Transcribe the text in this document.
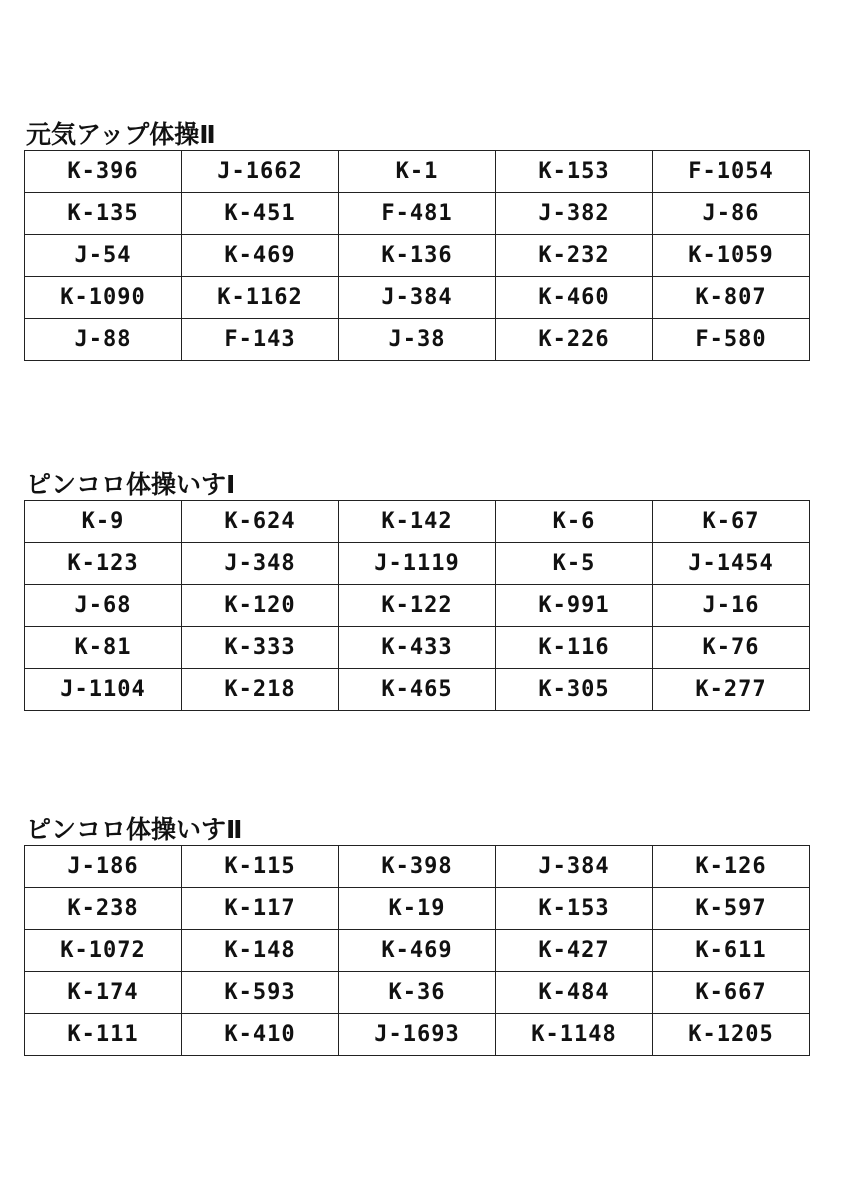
元気アップ体操Ⅱ
K-396	J-1662	K-1	K-153	F-1054
K-135	K-451	F-481	J-382	J-86
J-54	K-469	K-136	K-232	K-1059
K-1090	K-1162	J-384	K-460	K-807
J-88	F-143	J-38	K-226	F-580
ピンコロ体操いすⅠ
K-9	K-624	K-142	K-6	K-67
K-123	J-348	J-1119	K-5	J-1454
J-68	K-120	K-122	K-991	J-16
K-81	K-333	K-433	K-116	K-76
J-1104	K-218	K-465	K-305	K-277
ピンコロ体操いすⅡ
J-186	K-115	K-398	J-384	K-126
K-238	K-117	K-19	K-153	K-597
K-1072	K-148	K-469	K-427	K-611
K-174	K-593	K-36	K-484	K-667
K-111	K-410	J-1693	K-1148	K-1205
